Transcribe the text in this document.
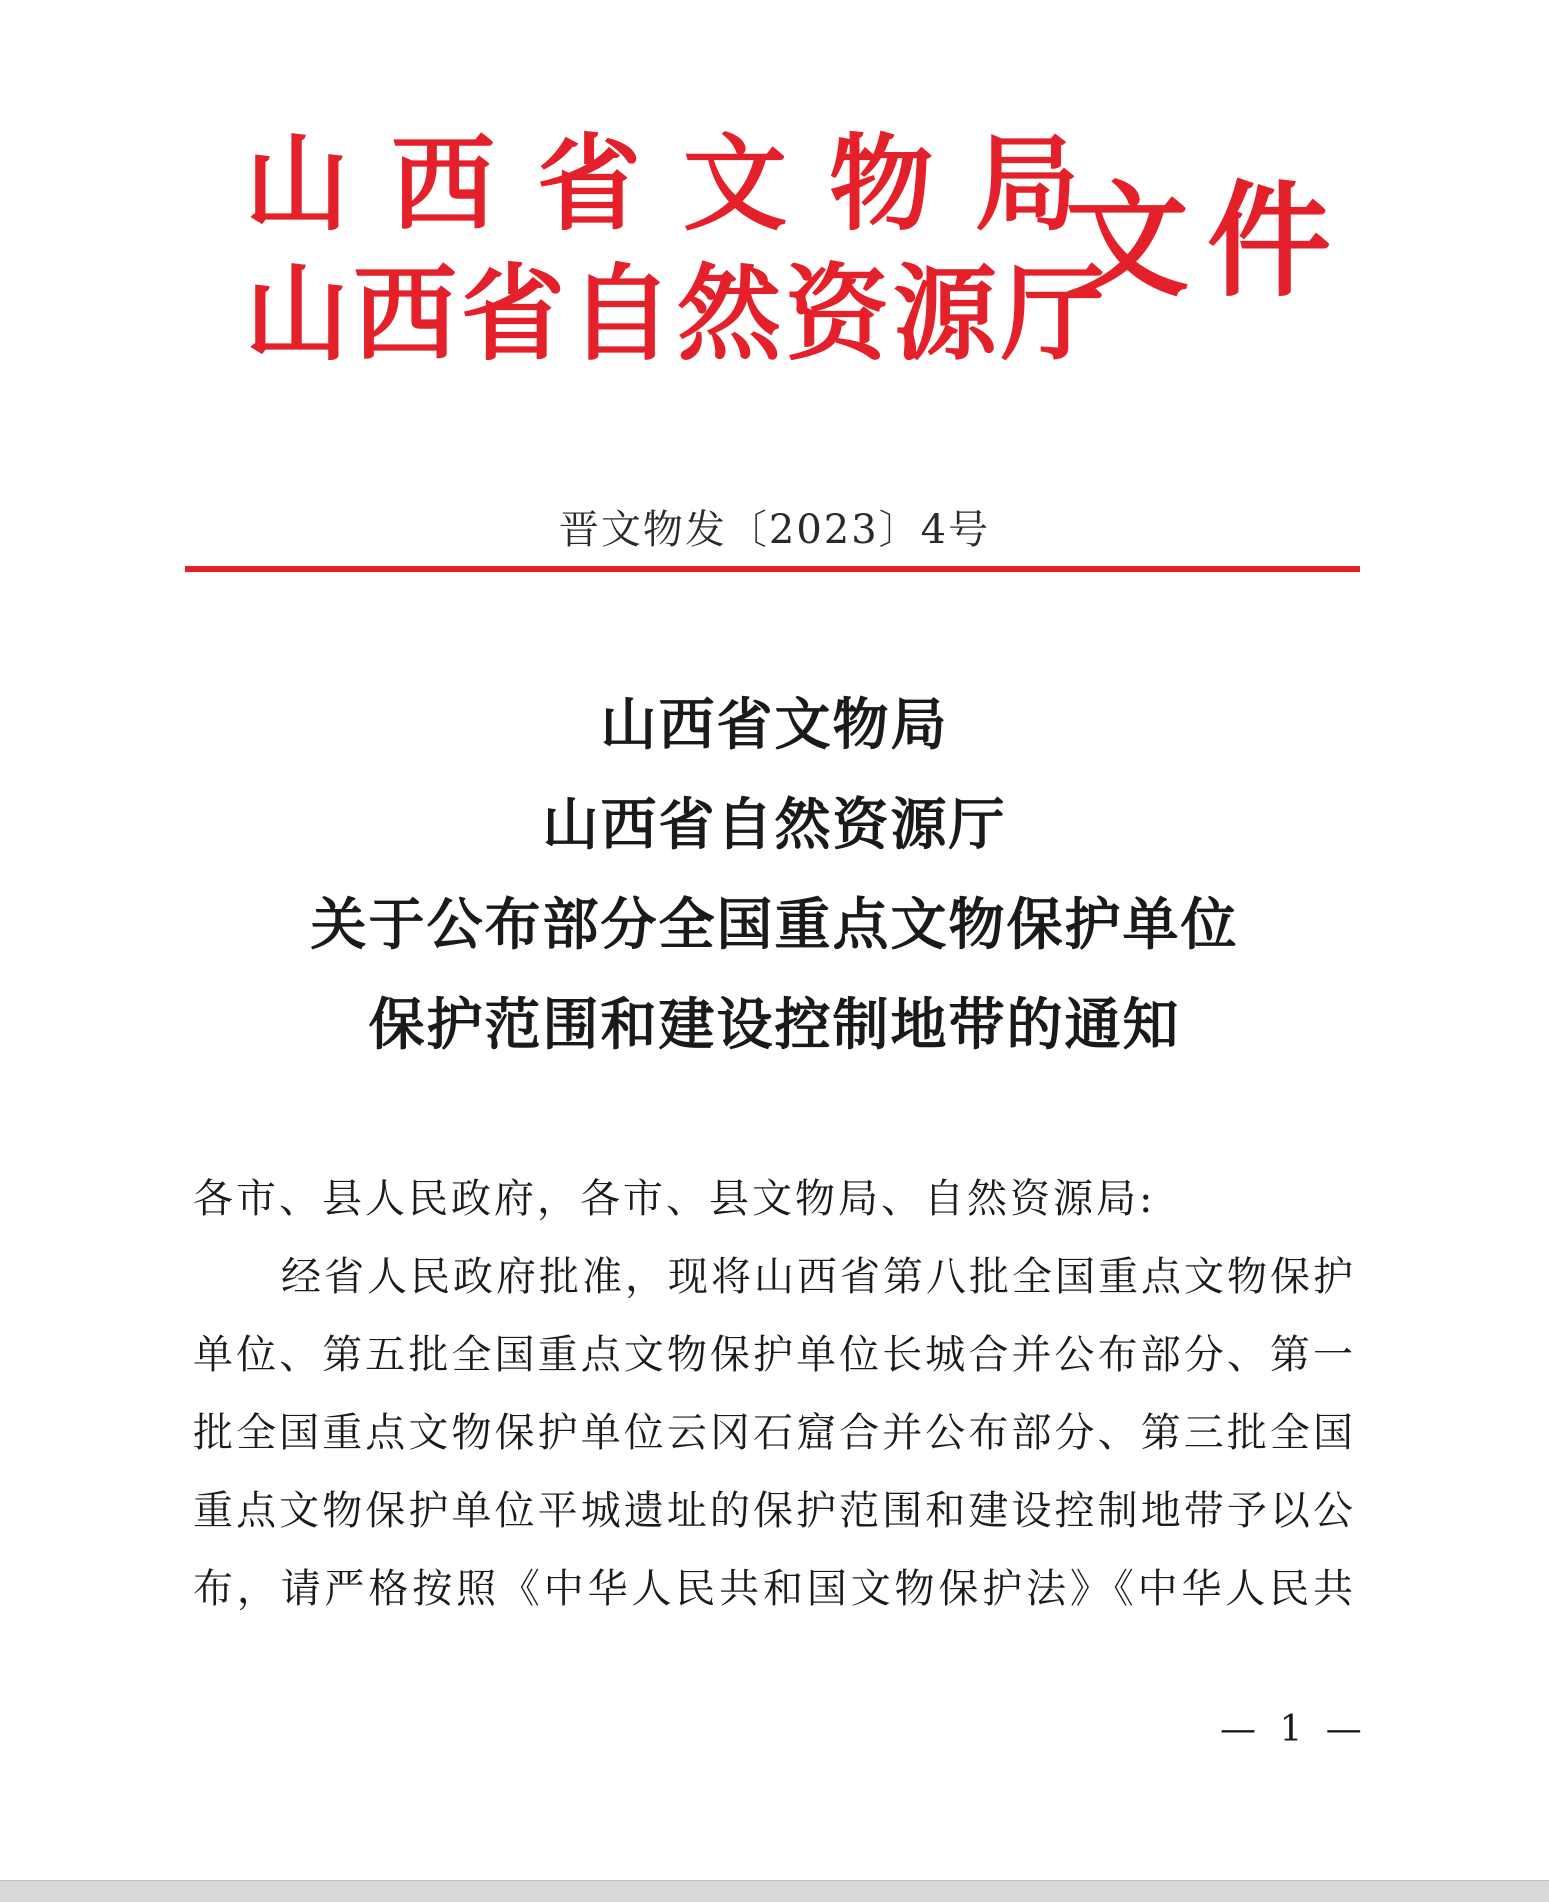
山西省文物局
山西省自然资源厅
文件
晋文物发〔2023〕4号
山西省文物局
山西省自然资源厅
关于公布部分全国重点文物保护单位
保护范围和建设控制地带的通知
各市、县人民政府，各市、县文物局、自然资源局:
经省人民政府批准，现将山西省第八批全国重点文物保护
单位、第五批全国重点文物保护单位长城合并公布部分、第一
批全国重点文物保护单位云冈石窟合并公布部分、第三批全国
重点文物保护单位平城遗址的保护范围和建设控制地带予以公
布，请严格按照《中华人民共和国文物保护法》《中华人民共
— 1 —
